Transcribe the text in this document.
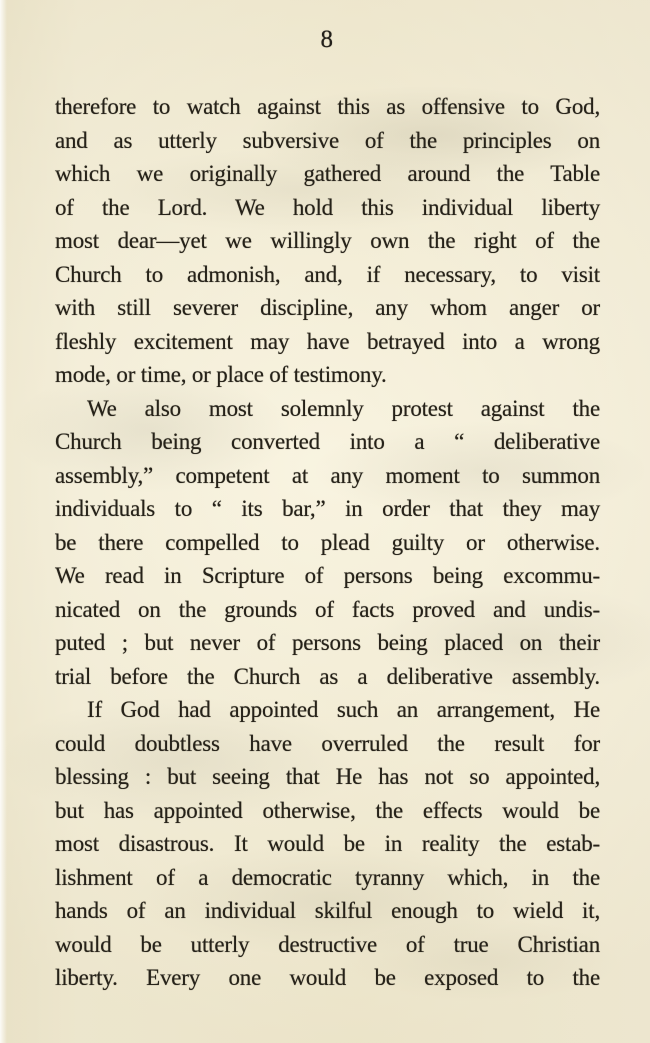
8
therefore to watch against this as offensive to God,
and as utterly subversive of the principles on
which we originally gathered around the Table
of the Lord. We hold this individual liberty
most dear—yet we willingly own the right of the
Church to admonish, and, if necessary, to visit
with still severer discipline, any whom anger or
fleshly excitement may have betrayed into a wrong
mode, or time, or place of testimony.
We also most solemnly protest against the
Church being converted into a “ deliberative
assembly,” competent at any moment to summon
individuals to “ its bar,” in order that they may
be there compelled to plead guilty or otherwise.
We read in Scripture of persons being excommu-
nicated on the grounds of facts proved and undis-
puted ; but never of persons being placed on their
trial before the Church as a deliberative assembly.
If God had appointed such an arrangement, He
could doubtless have overruled the result for
blessing : but seeing that He has not so appointed,
but has appointed otherwise, the effects would be
most disastrous. It would be in reality the estab-
lishment of a democratic tyranny which, in the
hands of an individual skilful enough to wield it,
would be utterly destructive of true Christian
liberty. Every one would be exposed to the
